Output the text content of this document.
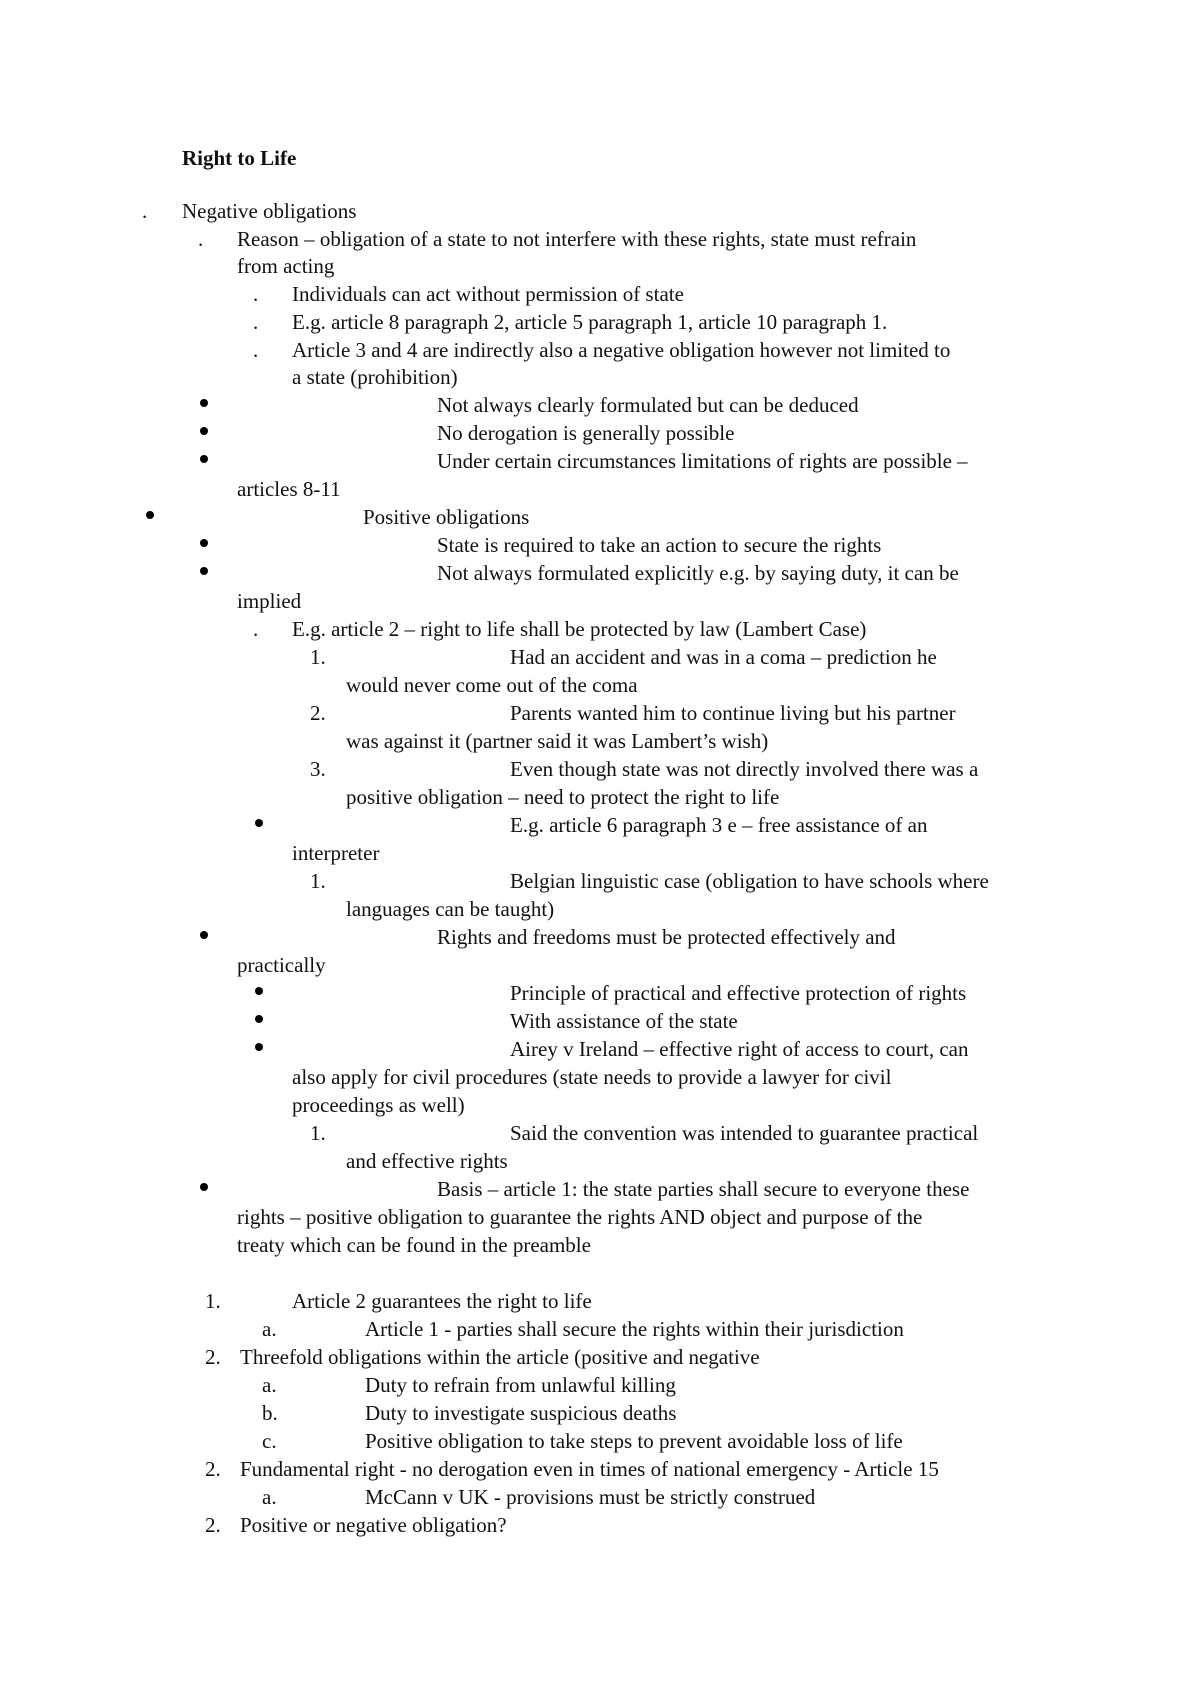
Right to Life
. Negative obligations
. Reason – obligation of a state to not interfere with these rights, state must refrain
from acting
. Individuals can act without permission of state
. E.g. article 8 paragraph 2, article 5 paragraph 1, article 10 paragraph 1.
. Article 3 and 4 are indirectly also a negative obligation however not limited to
a state (prohibition)
Not always clearly formulated but can be deduced
No derogation is generally possible
Under certain circumstances limitations of rights are possible –
articles 8-11
Positive obligations
State is required to take an action to secure the rights
Not always formulated explicitly e.g. by saying duty, it can be
implied
. E.g. article 2 – right to life shall be protected by law (Lambert Case)
1.	Had an accident and was in a coma – prediction he
would never come out of the coma
2.	Parents wanted him to continue living but his partner
was against it (partner said it was Lambert’s wish)
3.	Even though state was not directly involved there was a
positive obligation – need to protect the right to life
E.g. article 6 paragraph 3 e – free assistance of an
interpreter
1.	Belgian linguistic case (obligation to have schools where
languages can be taught)
Rights and freedoms must be protected effectively and
practically
Principle of practical and effective protection of rights
With assistance of the state
Airey v Ireland – effective right of access to court, can
also apply for civil procedures (state needs to provide a lawyer for civil
proceedings as well)
1.	Said the convention was intended to guarantee practical
and effective rights
Basis – article 1: the state parties shall secure to everyone these
rights – positive obligation to guarantee the rights AND object and purpose of the
treaty which can be found in the preamble
1.	Article 2 guarantees the right to life
a.	Article 1 - parties shall secure the rights within their jurisdiction
2. Threefold obligations within the article (positive and negative
a.	Duty to refrain from unlawful killing
b.	Duty to investigate suspicious deaths
c.	Positive obligation to take steps to prevent avoidable loss of life
2. Fundamental right - no derogation even in times of national emergency - Article 15
a.	McCann v UK - provisions must be strictly construed
2. Positive or negative obligation?
